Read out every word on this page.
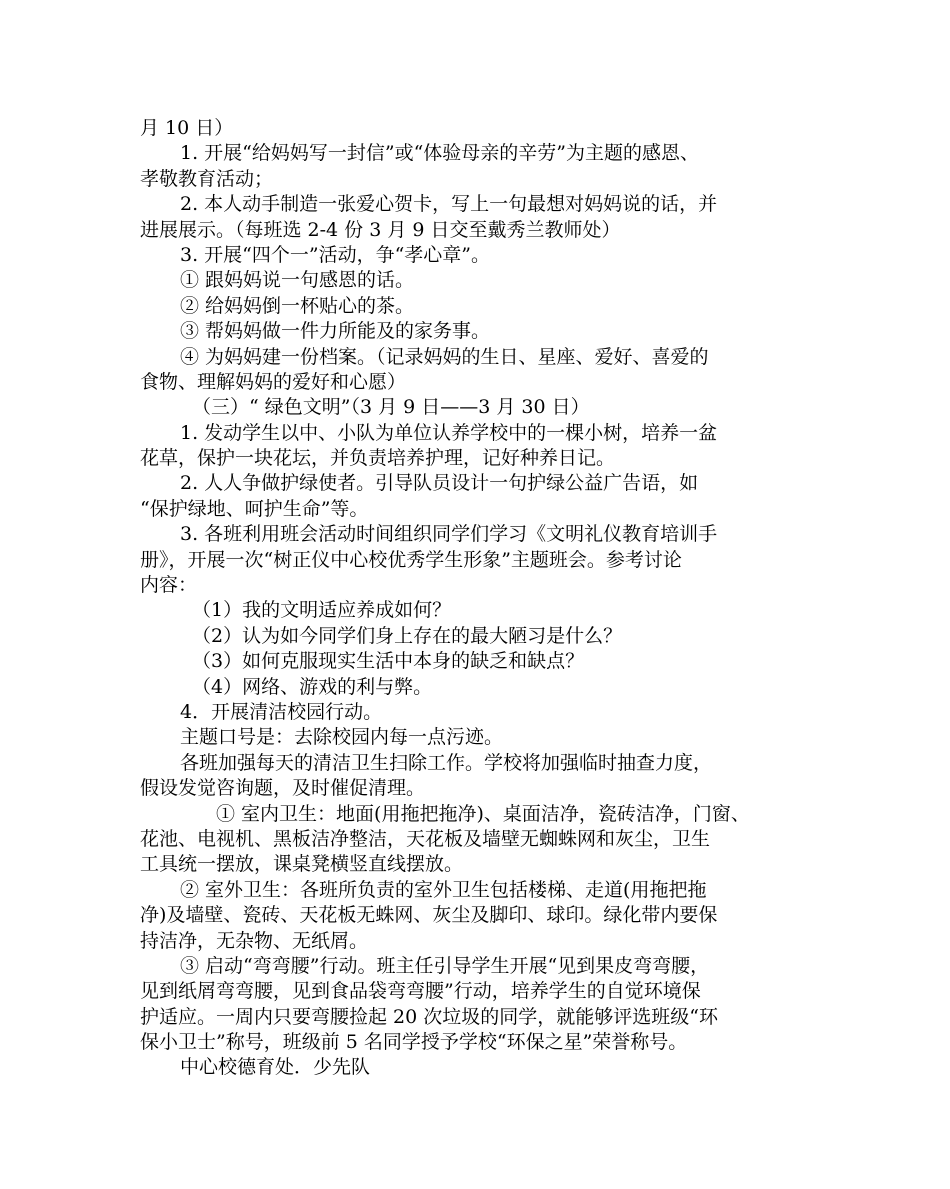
月 10 日）
1. 开展“给妈妈写一封信”或“体验母亲的辛劳”为主题的感恩、
孝敬教育活动；
2. 本人动手制造一张爱心贺卡，写上一句最想对妈妈说的话，并
进展展示。（每班选 2-4 份 3 月 9 日交至戴秀兰教师处）
3. 开展“四个一”活动，争“孝心章”。
① 跟妈妈说一句感恩的话。
② 给妈妈倒一杯贴心的茶。
③ 帮妈妈做一件力所能及的家务事。
④ 为妈妈建一份档案。（记录妈妈的生日、星座、爱好、喜爱的
食物、理解妈妈的爱好和心愿）
（三）“ 绿色文明”（3 月 9 日——3 月 30 日）
1. 发动学生以中、小队为单位认养学校中的一棵小树，培养一盆
花草，保护一块花坛，并负责培养护理，记好种养日记。
2. 人人争做护绿使者。引导队员设计一句护绿公益广告语，如
“保护绿地、呵护生命”等。
3. 各班利用班会活动时间组织同学们学习《文明礼仪教育培训手
册》，开展一次“树正仪中心校优秀学生形象”主题班会。参考讨论
内容：
（1）我的文明适应养成如何？
（2）认为如今同学们身上存在的最大陋习是什么？
（3）如何克服现实生活中本身的缺乏和缺点？
（4）网络、游戏的利与弊。
4．开展清洁校园行动。
主题口号是：去除校园内每一点污迹。
各班加强每天的清洁卫生扫除工作。学校将加强临时抽查力度，
假设发觉咨询题，及时催促清理。
① 室内卫生：地面(用拖把拖净)、桌面洁净，瓷砖洁净，门窗、
花池、电视机、黑板洁净整洁，天花板及墙壁无蜘蛛网和灰尘，卫生
工具统一摆放，课桌凳横竖直线摆放。
② 室外卫生：各班所负责的室外卫生包括楼梯、走道(用拖把拖
净)及墙壁、瓷砖、天花板无蛛网、灰尘及脚印、球印。绿化带内要保
持洁净，无杂物、无纸屑。
③ 启动“弯弯腰”行动。班主任引导学生开展“见到果皮弯弯腰，
见到纸屑弯弯腰，见到食品袋弯弯腰”行动，培养学生的自觉环境保
护适应。一周内只要弯腰捡起 20 次垃圾的同学，就能够评选班级“环
保小卫士”称号，班级前 5 名同学授予学校“环保之星”荣誉称号。
中心校德育处．少先队
